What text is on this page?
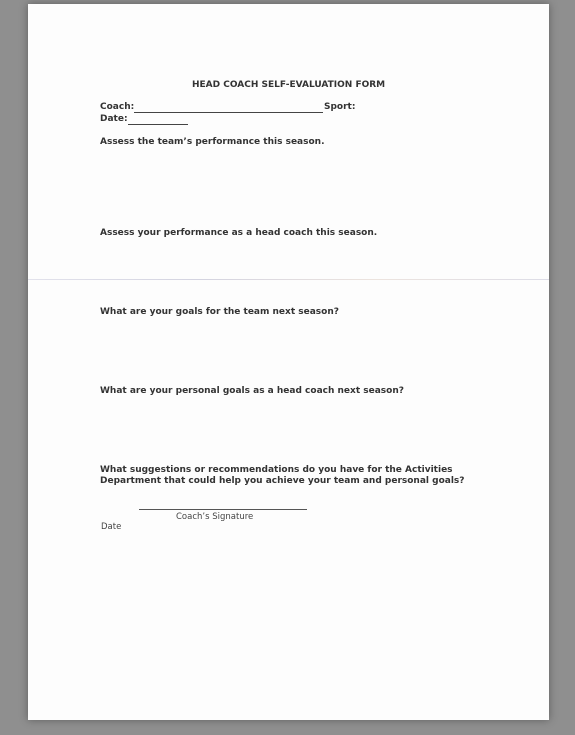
HEAD COACH SELF-EVALUATION FORM
Coach:	Sport:
Date:
Assess the team’s performance this season.
Assess your performance as a head coach this season.
What are your goals for the team next season?
What are your personal goals as a head coach next season?
What suggestions or recommendations do you have for the Activities
Department that could help you achieve your team and personal goals?
Coach’s Signature
Date
